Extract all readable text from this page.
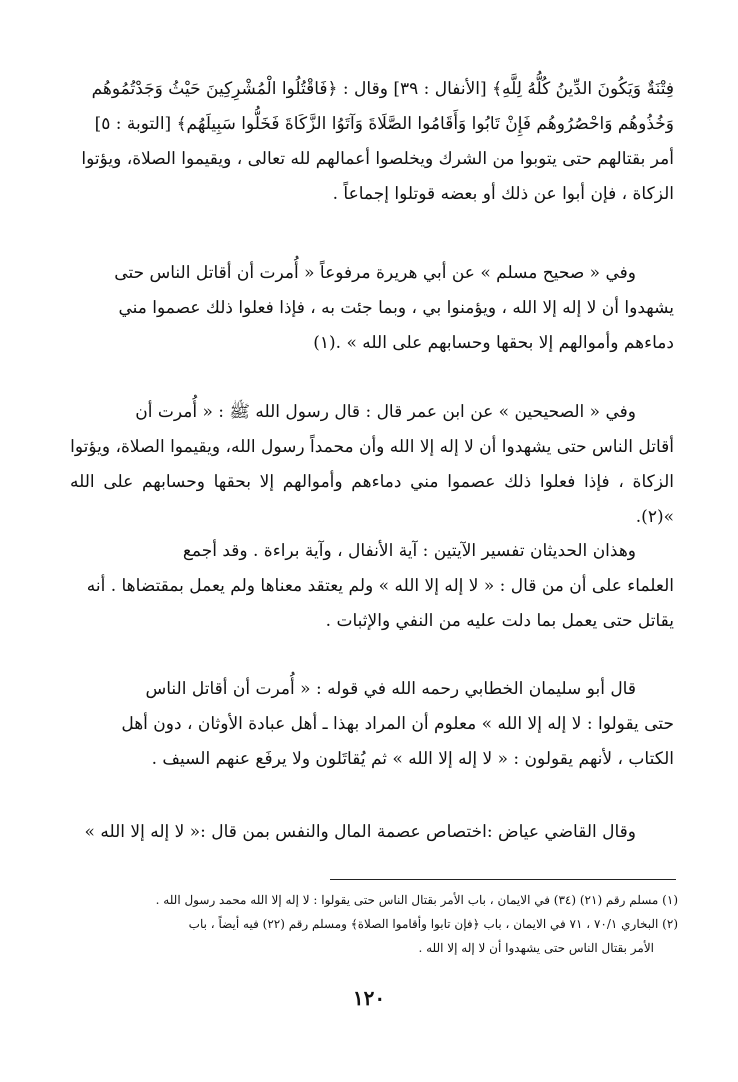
فِتْنَةٌ وَيَكُونَ الدِّينُ كُلُّهُ لِلَّهِ﴾ [الأنفال : ٣٩] وقال : ﴿فَاقْتُلُوا الْمُشْرِكِينَ حَيْثُ وَجَدْتُمُوهُم
وَخُذُوهُم وَاحْصُرُوهُم فَإِنْ تَابُوا وَأَقَامُوا الصَّلَاةَ وَآتَوُا الزَّكَاةَ فَخَلُّوا سَبِيلَهُم﴾ [التوبة : ٥]
أمر بقتالهم حتى يتوبوا من الشرك ويخلصوا أعمالهم لله تعالى ، ويقيموا الصلاة، ويؤتوا
الزكاة ، فإن أبوا عن ذلك أو بعضه قوتلوا إجماعاً .
وفي « صحيح مسلم » عن أبي هريرة مرفوعاً « أُمرت أن أقاتل الناس حتى
يشهدوا أن لا إله إلا الله ، ويؤمنوا بي ، وبما جئت به ، فإذا فعلوا ذلك عصموا مني
دماءهم وأموالهم إلا بحقها وحسابهم على الله » .(١)
وفي « الصحيحين » عن ابن عمر قال : قال رسول الله ﷺ : « أُمرت أن
أقاتل الناس حتى يشهدوا أن لا إله إلا الله وأن محمداً رسول الله، ويقيموا الصلاة، ويؤتوا
الزكاة ، فإذا فعلوا ذلك عصموا مني دماءهم وأموالهم إلا بحقها وحسابهم على الله »(٢).
وهذان الحديثان تفسير الآيتين : آية الأنفال ، وآية براءة . وقد أجمع
العلماء على أن من قال : « لا إله إلا الله » ولم يعتقد معناها ولم يعمل بمقتضاها . أنه
يقاتل حتى يعمل بما دلت عليه من النفي والإثبات .
قال أبو سليمان الخطابي رحمه الله في قوله : « أُمرت أن أقاتل الناس
حتى يقولوا : لا إله إلا الله » معلوم أن المراد بهذا ـ أهل عبادة الأوثان ، دون أهل
الكتاب ، لأنهم يقولون : « لا إله إلا الله » ثم يُقاتَلون ولا يرفَع عنهم السيف .
وقال القاضي عياض :اختصاص عصمة المال والنفس بمن قال :« لا إله إلا الله »
(١) مسلم رقم (٢١) (٣٤) في الايمان ، باب الأمر بقتال الناس حتى يقولوا : لا إله إلا الله محمد رسول الله .
(٢) البخاري ٧٠/١ ، ٧١ في الايمان ، باب ﴿فإن تابوا وأقاموا الصلاة﴾ ومسلم رقم (٢٢) فيه أيضاً ، باب
الأمر بقتال الناس حتى يشهدوا أن لا إله إلا الله .
١٢٠
